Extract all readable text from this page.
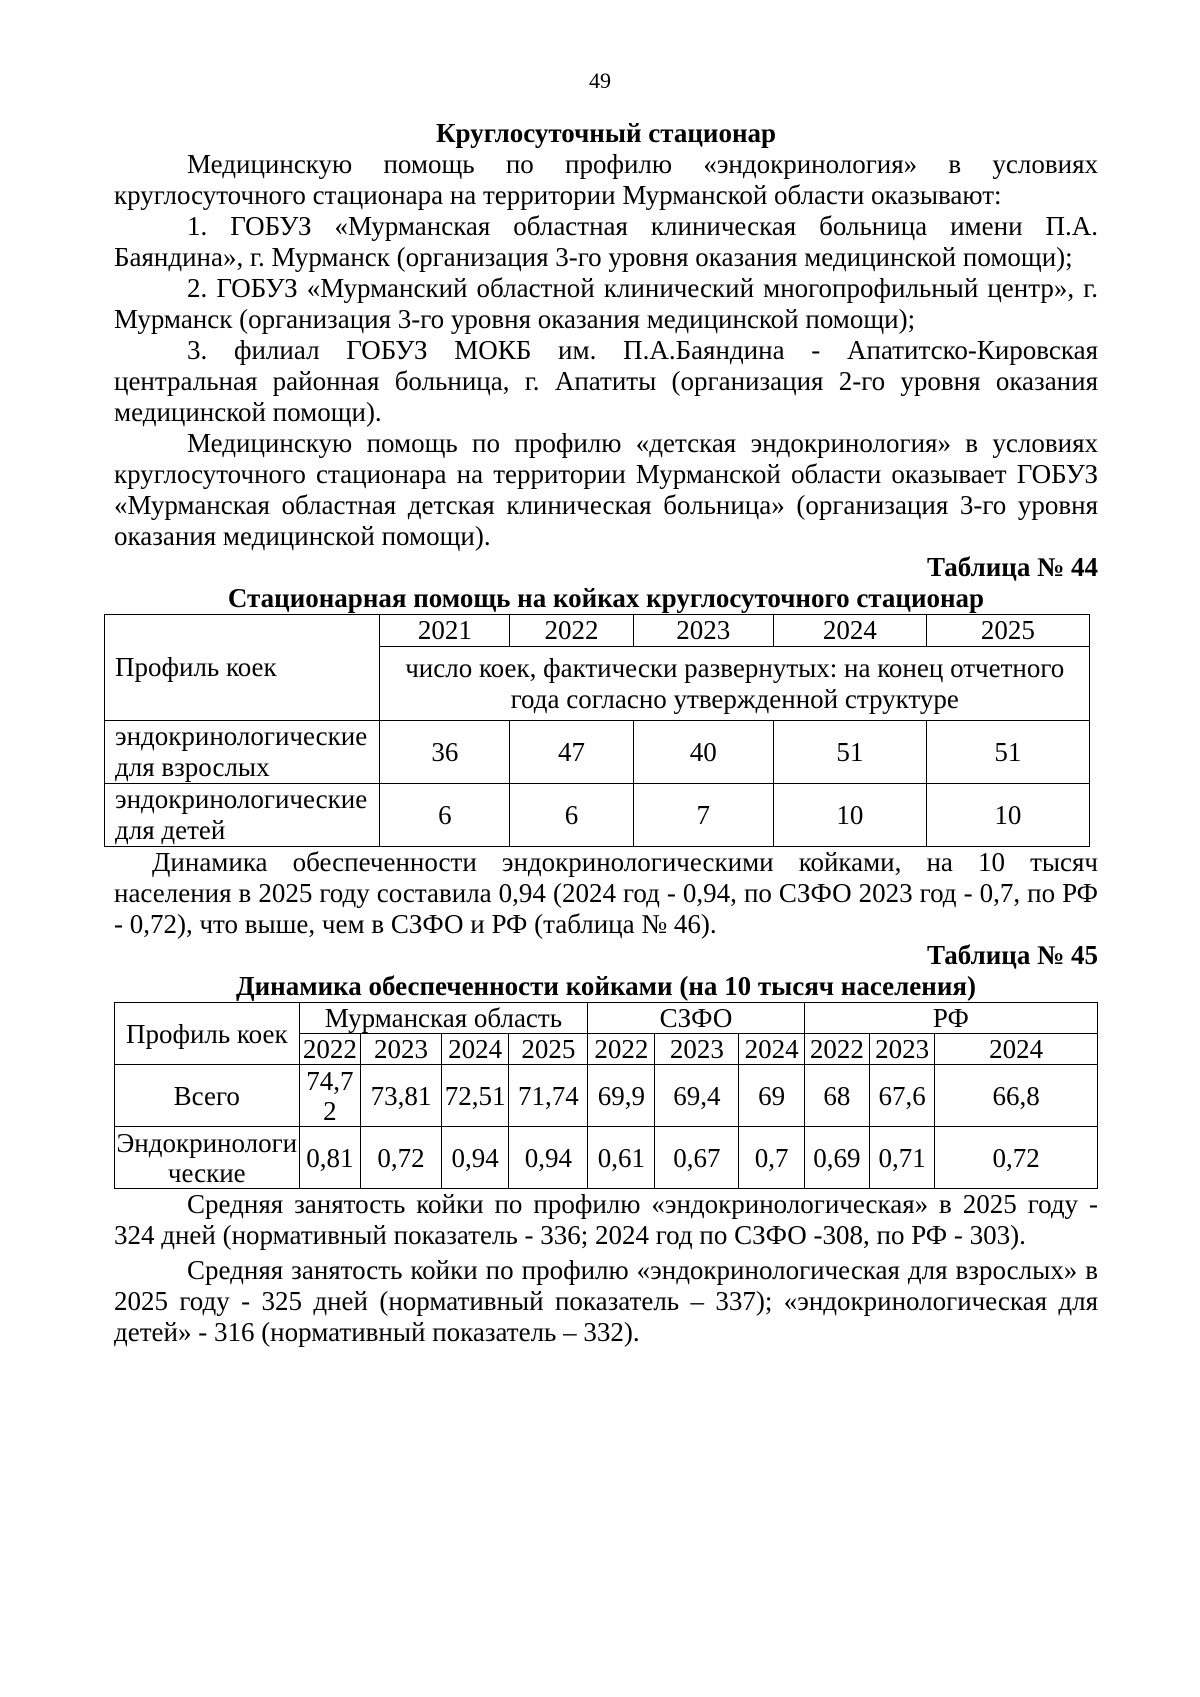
49
Круглосуточный стационар

Медицинскую помощь по профилю «эндокринология» в условиях круглосуточного стационара на территории Мурманской области оказывают:

1. ГОБУЗ «Мурманская областная клиническая больница имени П.А. Баяндина», г. Мурманск (организация 3-го уровня оказания медицинской помощи);

2. ГОБУЗ «Мурманский областной клинический многопрофильный центр», г. Мурманск (организация 3-го уровня оказания медицинской помощи);

3. филиал ГОБУЗ МОКБ им. П.А.Баяндина - Апатитско-Кировская центральная районная больница, г. Апатиты (организация 2-го уровня оказания медицинской помощи).

Медицинскую помощь по профилю «детская эндокринология» в условиях круглосуточного стационара на территории Мурманской области оказывает ГОБУЗ «Мурманская областная детская клиническая больница» (организация 3-го уровня оказания медицинской помощи).

Таблица № 44
Стационарная помощь на койках круглосуточного стационар
Профиль коек	2021	2022	2023	2024	2025
	число коек, фактически развернутых: на конец отчетного года согласно утвержденной структуре				
эндокринологические для взрослых	36	47	40	51	51
эндокринологические для детей	6	6	7	10	10

Динамика обеспеченности эндокринологическими койками, на 10 тысяч населения в 2025 году составила 0,94 (2024 год - 0,94, по СЗФО 2023 год - 0,7, по РФ - 0,72), что выше, чем в СЗФО и РФ (таблица № 46).

Таблица № 45
Динамика обеспеченности койками (на 10 тысяч населения)
Профиль коек	Мурманская область				СЗФО			РФ		
	2022	2023	2024	2025	2022	2023	2024	2022	2023	2024
Всего	74,72	73,81	72,51	71,74	69,9	69,4	69	68	67,6	66,8
Эндокринологические	0,81	0,72	0,94	0,94	0,61	0,67	0,7	0,69	0,71	0,72

Средняя занятость койки по профилю «эндокринологическая» в 2025 году - 324 дней (нормативный показатель - 336; 2024 год по СЗФО -308, по РФ - 303).

Средняя занятость койки по профилю «эндокринологическая для взрослых» в 2025 году - 325 дней (нормативный показатель – 337); «эндокринологическая для детей» - 316 (нормативный показатель – 332).
